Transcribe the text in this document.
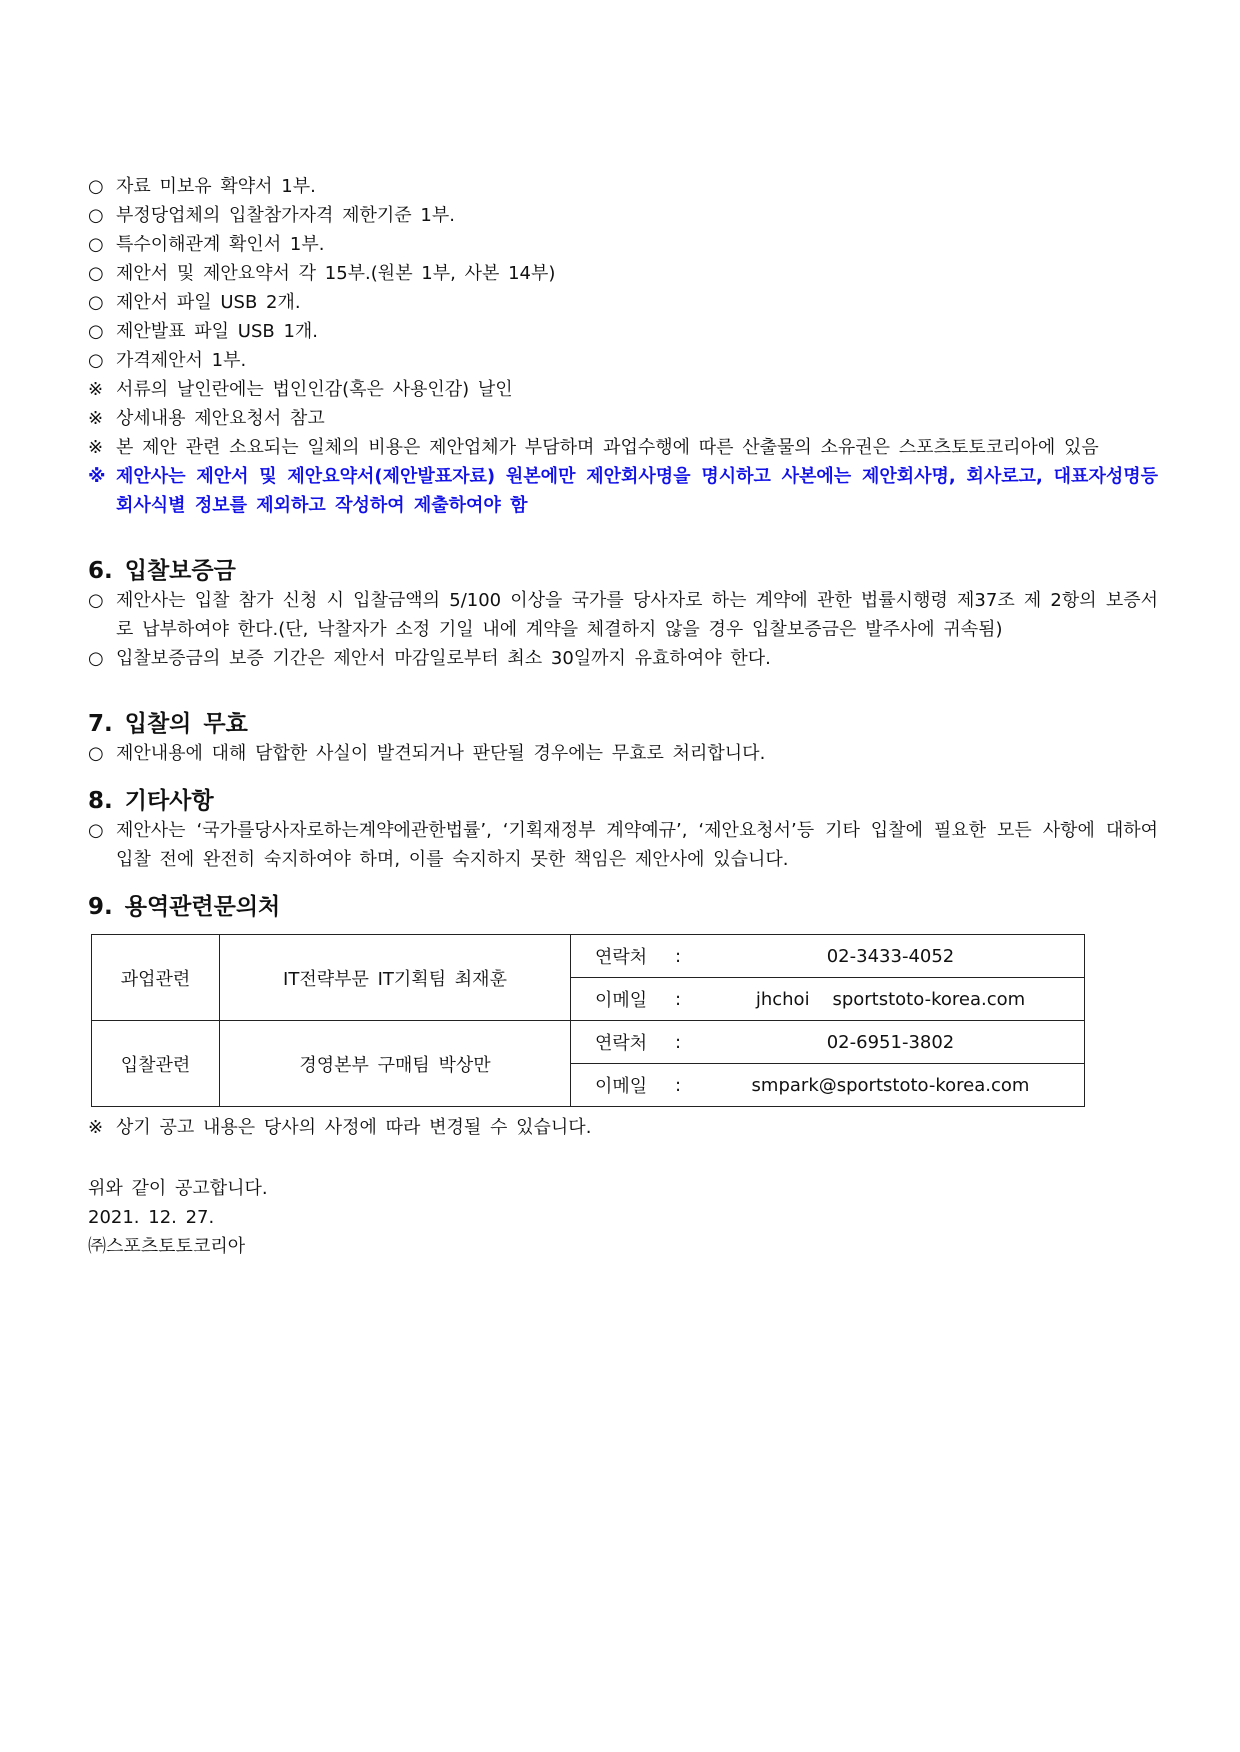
○ 자료 미보유 확약서 1부.
○ 부정당업체의 입찰참가자격 제한기준 1부.
○ 특수이해관계 확인서 1부.
○ 제안서 및 제안요약서 각 15부.(원본 1부, 사본 14부)
○ 제안서 파일 USB 2개.
○ 제안발표 파일 USB 1개.
○ 가격제안서 1부.
※ 서류의 날인란에는 법인인감(혹은 사용인감) 날인
※ 상세내용 제안요청서 참고
※ 본 제안 관련 소요되는 일체의 비용은 제안업체가 부담하며 과업수행에 따른 산출물의 소유권은 스포츠토토코리아에 있음
※ 제안사는 제안서 및 제안요약서(제안발표자료) 원본에만 제안회사명을 명시하고 사본에는 제안회사명, 회사로고, 대표자성명등 회사식별 정보를 제외하고 작성하여 제출하여야 함
6. 입찰보증금
○ 제안사는 입찰 참가 신청 시 입찰금액의 5/100 이상을 국가를 당사자로 하는 계약에 관한 법률시행령 제37조 제 2항의 보증서로 납부하여야 한다.(단, 낙찰자가 소정 기일 내에 계약을 체결하지 않을 경우 입찰보증금은 발주사에 귀속됨)
○ 입찰보증금의 보증 기간은 제안서 마감일로부터 최소 30일까지 유효하여야 한다.
7. 입찰의 무효
○ 제안내용에 대해 담합한 사실이 발견되거나 판단될 경우에는 무효로 처리합니다.
8. 기타사항
○ 제안사는 ‘국가를당사자로하는계약에관한법률’, ‘기획재정부 계약예규’, ‘제안요청서’등 기타 입찰에 필요한 모든 사항에 대하여 입찰 전에 완전히 숙지하여야 하며, 이를 숙지하지 못한 책임은 제안사에 있습니다.
9. 용역관련문의처
과업관련	IT전략부문 IT기획팀 최재훈	연락처 : 02-3433-4052

		이메일 : jhchoi    sportstoto-korea.com

입찰관련	경영본부 구매팀 박상만	연락처 : 02-6951-3802

		이메일 : smpark@sportstoto-korea.com
※ 상기 공고 내용은 당사의 사정에 따라 변경될 수 있습니다.
위와 같이 공고합니다.
2021. 12. 27.
㈜스포츠토토코리아
